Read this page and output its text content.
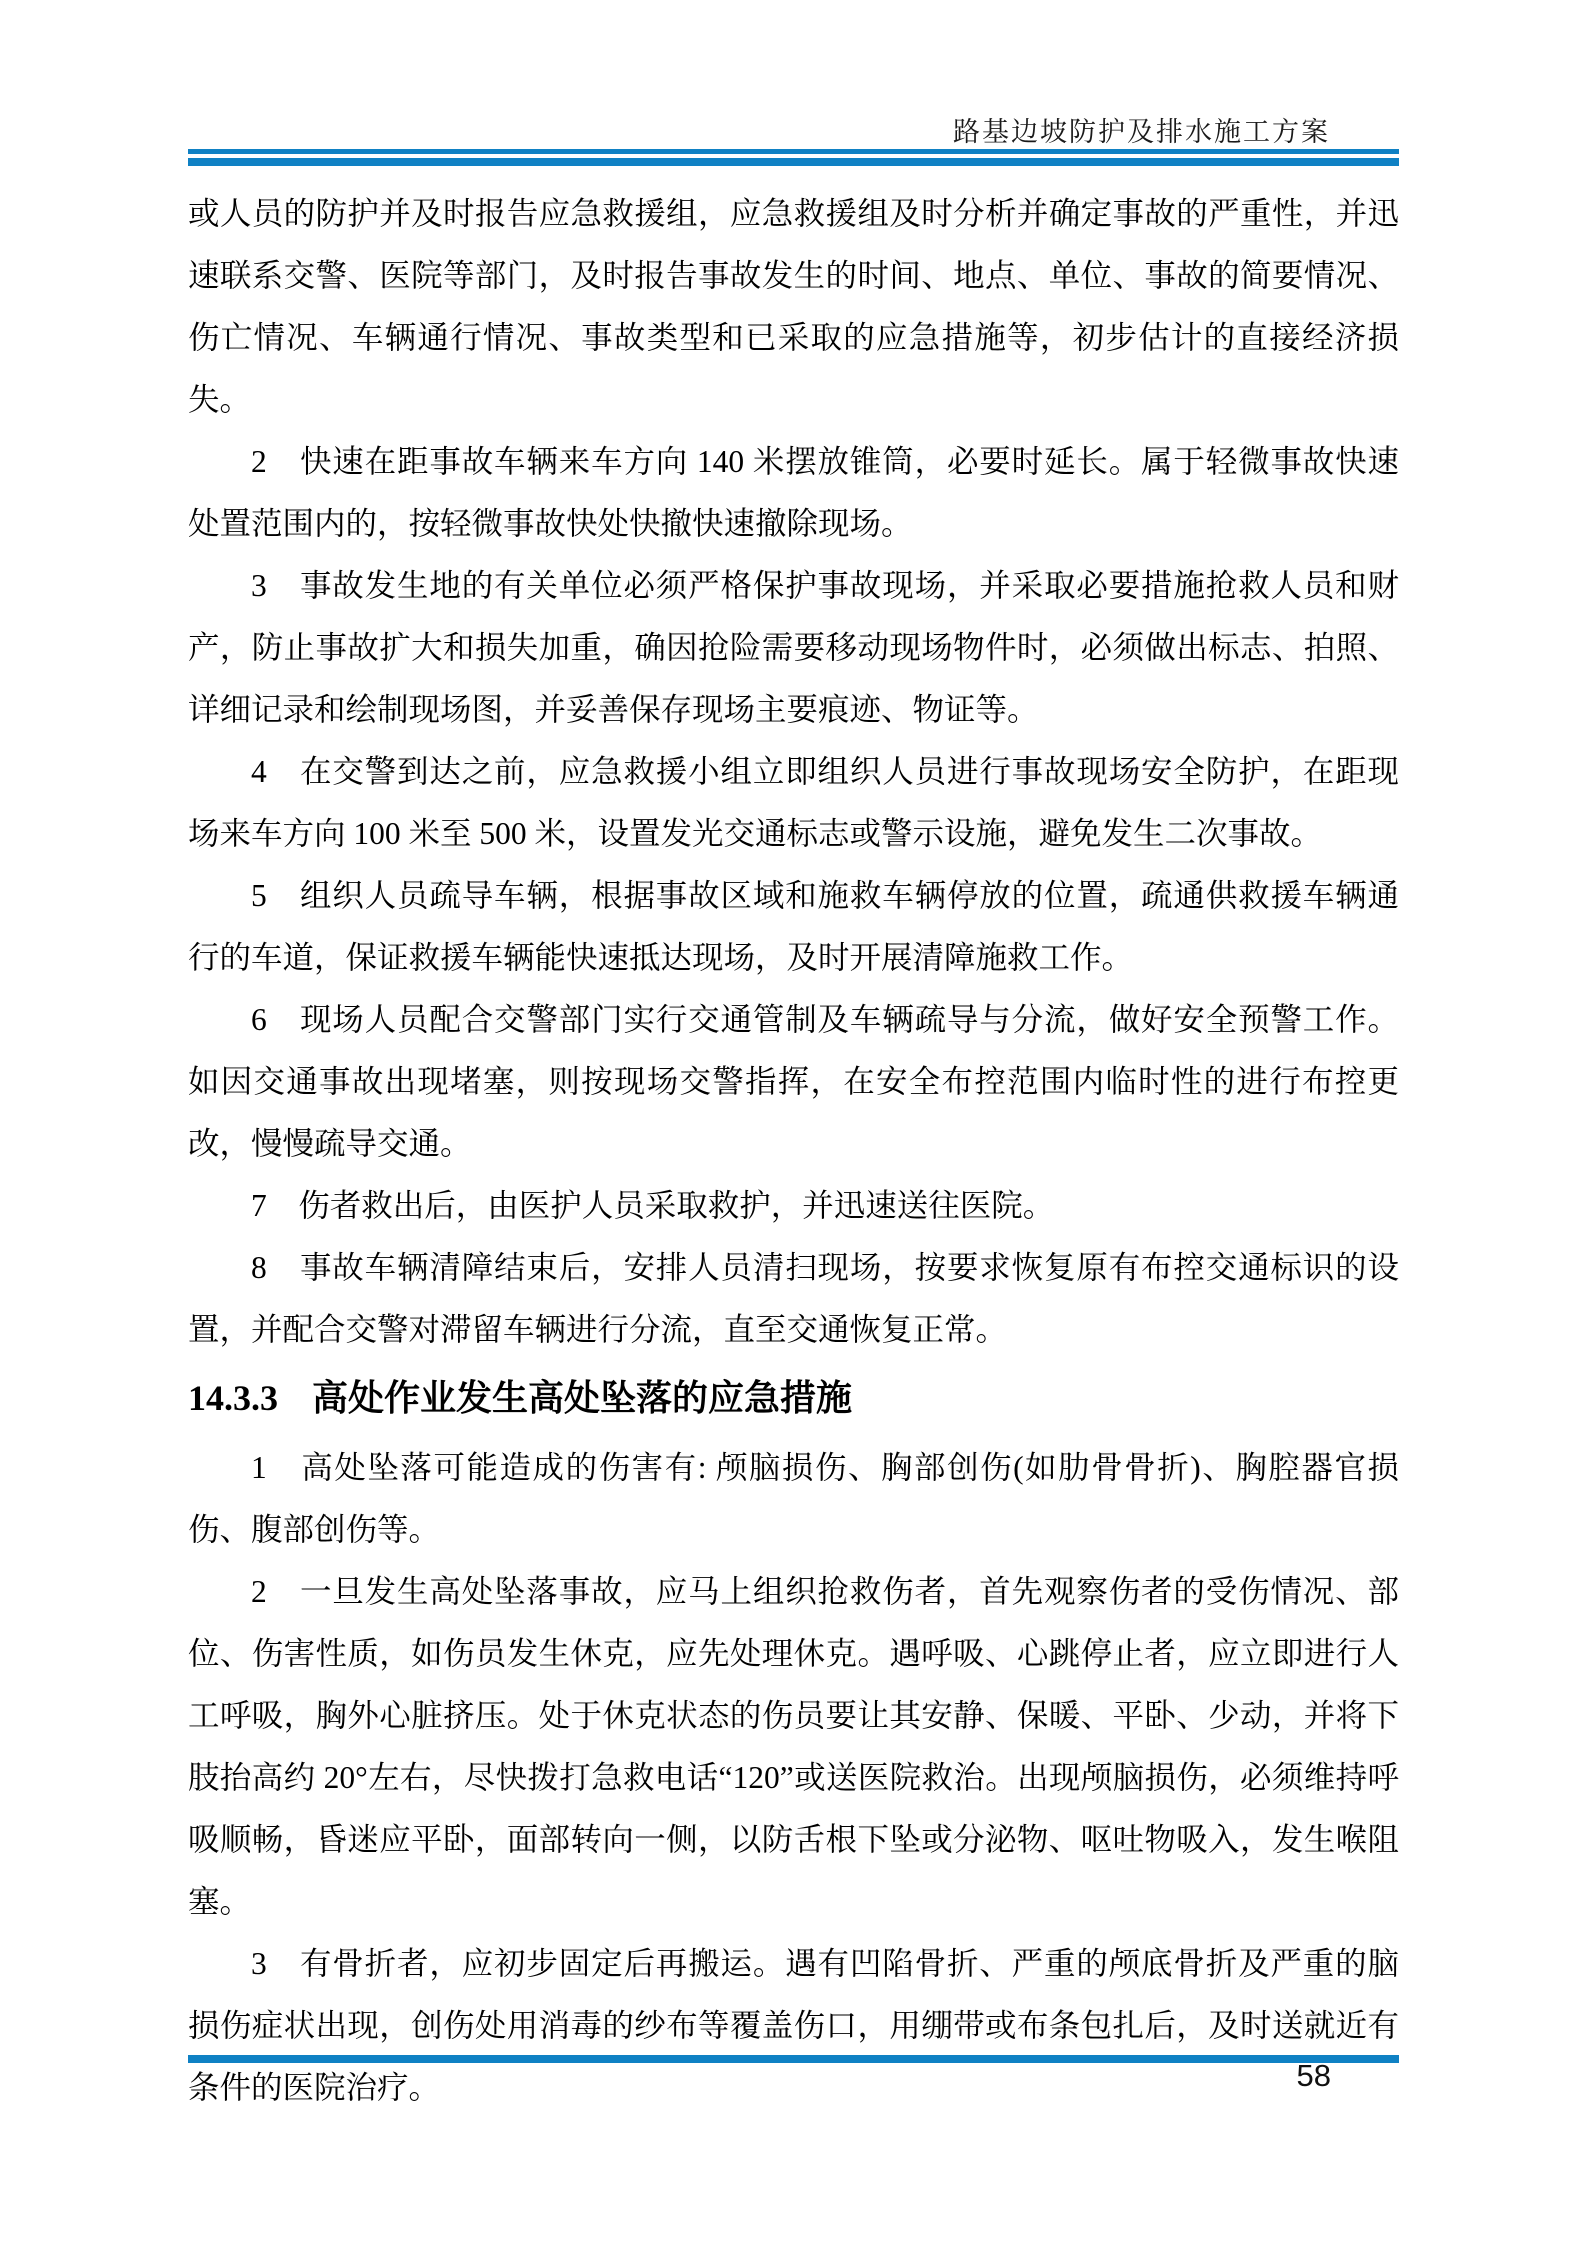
路基边坡防护及排水施工方案

或人员的防护并及时报告应急救援组，应急救援组及时分析并确定事故的严重性，并迅速联系交警、医院等部门，及时报告事故发生的时间、地点、单位、事故的简要情况、伤亡情况、车辆通行情况、事故类型和已采取的应急措施等，初步估计的直接经济损失。

2　快速在距事故车辆来车方向 140 米摆放锥筒，必要时延长。属于轻微事故快速处置范围内的，按轻微事故快处快撤快速撤除现场。

3　事故发生地的有关单位必须严格保护事故现场，并采取必要措施抢救人员和财产，防止事故扩大和损失加重，确因抢险需要移动现场物件时，必须做出标志、拍照、详细记录和绘制现场图，并妥善保存现场主要痕迹、物证等。

4　在交警到达之前，应急救援小组立即组织人员进行事故现场安全防护，在距现场来车方向 100 米至 500 米，设置发光交通标志或警示设施，避免发生二次事故。

5　组织人员疏导车辆，根据事故区域和施救车辆停放的位置，疏通供救援车辆通行的车道，保证救援车辆能快速抵达现场，及时开展清障施救工作。

6　现场人员配合交警部门实行交通管制及车辆疏导与分流，做好安全预警工作。如因交通事故出现堵塞，则按现场交警指挥，在安全布控范围内临时性的进行布控更改，慢慢疏导交通。

7　伤者救出后，由医护人员采取救护，并迅速送往医院。

8　事故车辆清障结束后，安排人员清扫现场，按要求恢复原有布控交通标识的设置，并配合交警对滞留车辆进行分流，直至交通恢复正常。

14.3.3 高处作业发生高处坠落的应急措施

1　高处坠落可能造成的伤害有: 颅脑损伤、胸部创伤(如肋骨骨折)、胸腔器官损伤、腹部创伤等。

2　一旦发生高处坠落事故，应马上组织抢救伤者，首先观察伤者的受伤情况、部位、伤害性质，如伤员发生休克，应先处理休克。遇呼吸、心跳停止者，应立即进行人工呼吸，胸外心脏挤压。处于休克状态的伤员要让其安静、保暖、平卧、少动，并将下肢抬高约 20°左右，尽快拨打急救电话“120”或送医院救治。出现颅脑损伤，必须维持呼吸顺畅，昏迷应平卧，面部转向一侧，以防舌根下坠或分泌物、呕吐物吸入，发生喉阻塞。

3　有骨折者，应初步固定后再搬运。遇有凹陷骨折、严重的颅底骨折及严重的脑损伤症状出现，创伤处用消毒的纱布等覆盖伤口，用绷带或布条包扎后，及时送就近有条件的医院治疗。	58
